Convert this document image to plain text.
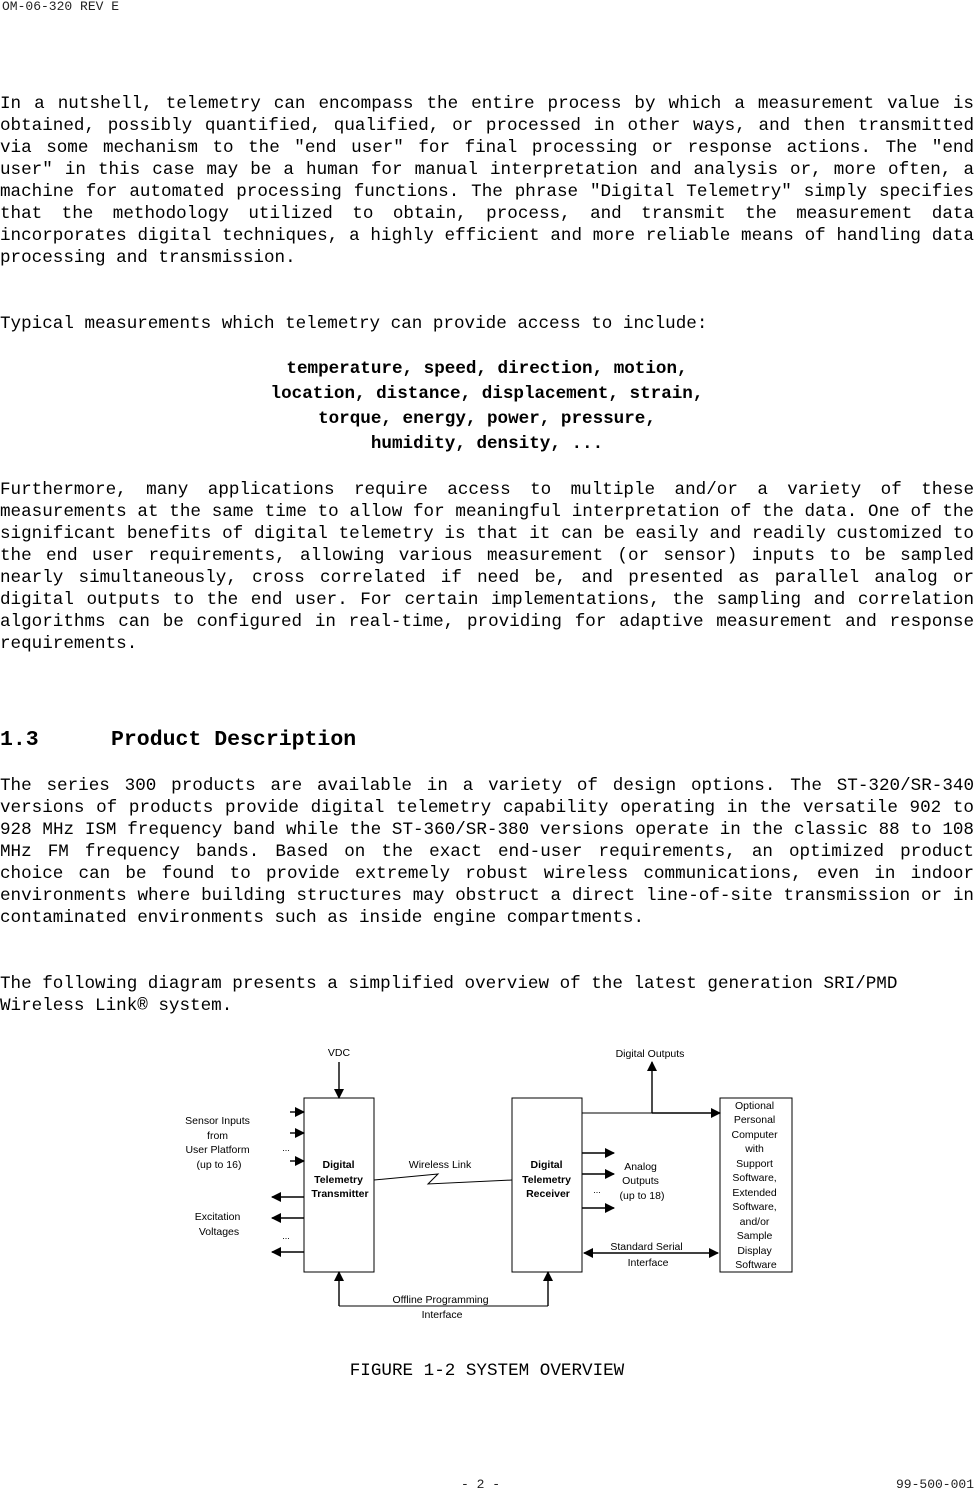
OM-06-320 REV E

In a nutshell, telemetry can encompass the entire process by which a measurement value is obtained, possibly quantified, qualified, or processed in other ways, and then transmitted via some mechanism to the "end user" for final processing or response actions. The "end user" in this case may be a human for manual interpretation and analysis or, more often, a machine for automated processing functions. The phrase "Digital Telemetry" simply specifies that the methodology utilized to obtain, process, and transmit the measurement data incorporates digital techniques, a highly efficient and more reliable means of handling data processing and transmission.

Typical measurements which telemetry can provide access to include:

temperature, speed, direction, motion,
location, distance, displacement, strain,
torque, energy, power, pressure,
humidity, density, ...

Furthermore, many applications require access to multiple and/or a variety of these measurements at the same time to allow for meaningful interpretation of the data. One of the significant benefits of digital telemetry is that it can be easily and readily customized to the end user requirements, allowing various measurement (or sensor) inputs to be sampled nearly simultaneously, cross correlated if need be, and presented as parallel analog or digital outputs to the end user. For certain implementations, the sampling and correlation algorithms can be configured in real-time, providing for adaptive measurement and response requirements.

1.3	Product Description

The series 300 products are available in a variety of design options. The ST-320/SR-340 versions of products provide digital telemetry capability operating in the versatile 902 to 928 MHz ISM frequency band while the ST-360/SR-380 versions operate in the classic 88 to 108 MHz FM frequency bands. Based on the exact end-user requirements, an optimized product choice can be found to provide extremely robust wireless communications, even in indoor environments where building structures may obstruct a direct line-of-site transmission or in contaminated environments such as inside engine compartments.

The following diagram presents a simplified overview of the latest generation SRI/PMD Wireless Link® system.

VDC
...
...
Sensor Inputs from User Platform (up to 16)
Excitation Voltages
Digital Telemetry Transmitter
Wireless Link	Digital Telemetry Receiver
Digital Outputs
...
Analog Outputs (up to 18)
Standard Serial Interface
Optional Personal Computer with Support Software, Extended Software, and/or Sample Display Software
Offline Programming Interface
FIGURE 1-2 SYSTEM OVERVIEW
- 2 -	99-500-001
